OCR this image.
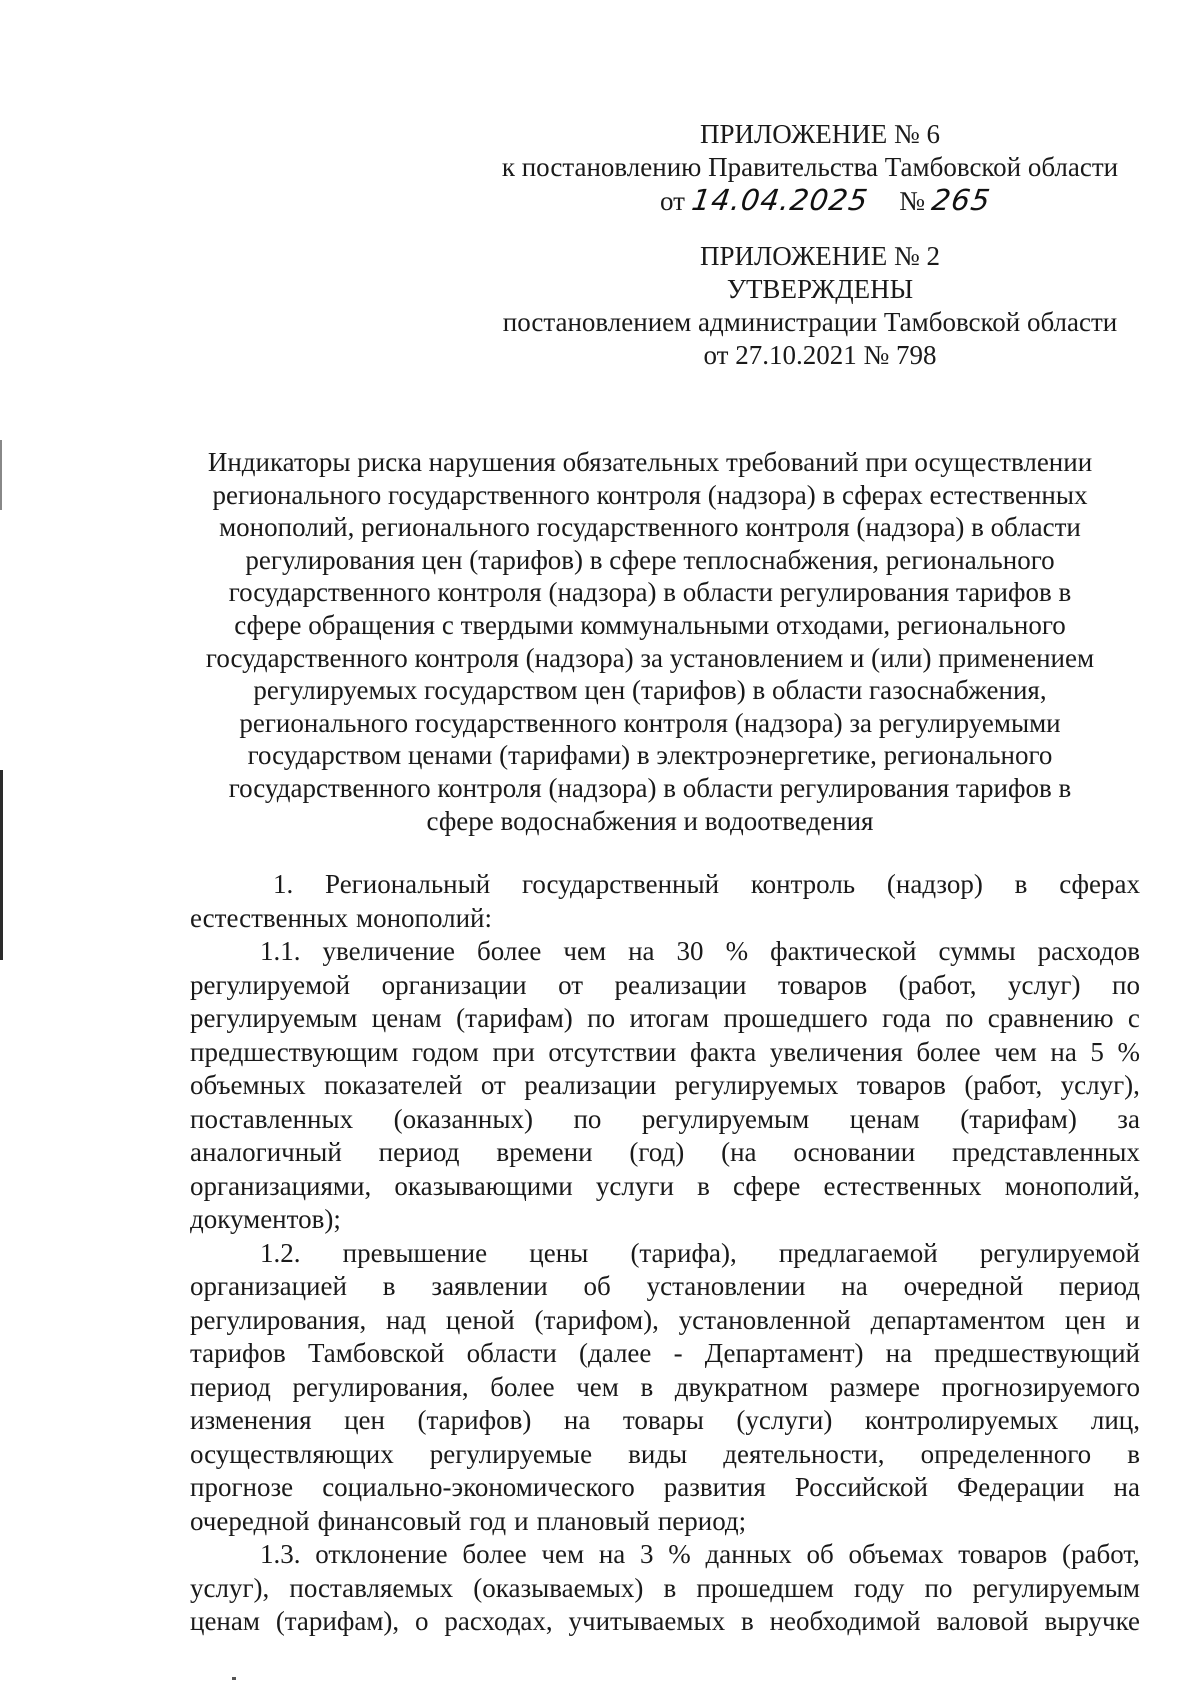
ПРИЛОЖЕНИЕ № 6
к постановлению Правительства Тамбовской области
от 14.04.2025 № 265
ПРИЛОЖЕНИЕ № 2
УТВЕРЖДЕНЫ
постановлением администрации Тамбовской области
от 27.10.2021 № 798
Индикаторы риска нарушения обязательных требований при осуществлении
регионального государственного контроля (надзора) в сферах естественных
монополий, регионального государственного контроля (надзора) в области
регулирования цен (тарифов) в сфере теплоснабжения, регионального
государственного контроля (надзора) в области регулирования тарифов в
сфере обращения с твердыми коммунальными отходами, регионального
государственного контроля (надзора) за установлением и (или) применением
регулируемых государством цен (тарифов) в области газоснабжения,
регионального государственного контроля (надзора) за регулируемыми
государством ценами (тарифами) в электроэнергетике, регионального
государственного контроля (надзора) в области регулирования тарифов в
сфере водоснабжения и водоотведения
1. Региональный государственный контроль (надзор) в сферах
естественных монополий:
1.1. увеличение более чем на 30 % фактической суммы расходов
регулируемой организации от реализации товаров (работ, услуг) по
регулируемым ценам (тарифам) по итогам прошедшего года по сравнению с
предшествующим годом при отсутствии факта увеличения более чем на 5 %
объемных показателей от реализации регулируемых товаров (работ, услуг),
поставленных (оказанных) по регулируемым ценам (тарифам) за
аналогичный период времени (год) (на основании представленных
организациями, оказывающими услуги в сфере естественных монополий,
документов);
1.2. превышение цены (тарифа), предлагаемой регулируемой
организацией в заявлении об установлении на очередной период
регулирования, над ценой (тарифом), установленной департаментом цен и
тарифов Тамбовской области (далее - Департамент) на предшествующий
период регулирования, более чем в двукратном размере прогнозируемого
изменения цен (тарифов) на товары (услуги) контролируемых лиц,
осуществляющих регулируемые виды деятельности, определенного в
прогнозе социально-экономического развития Российской Федерации на
очередной финансовый год и плановый период;
1.3. отклонение более чем на 3 % данных об объемах товаров (работ,
услуг), поставляемых (оказываемых) в прошедшем году по регулируемым
ценам (тарифам), о расходах, учитываемых в необходимой валовой выручке
